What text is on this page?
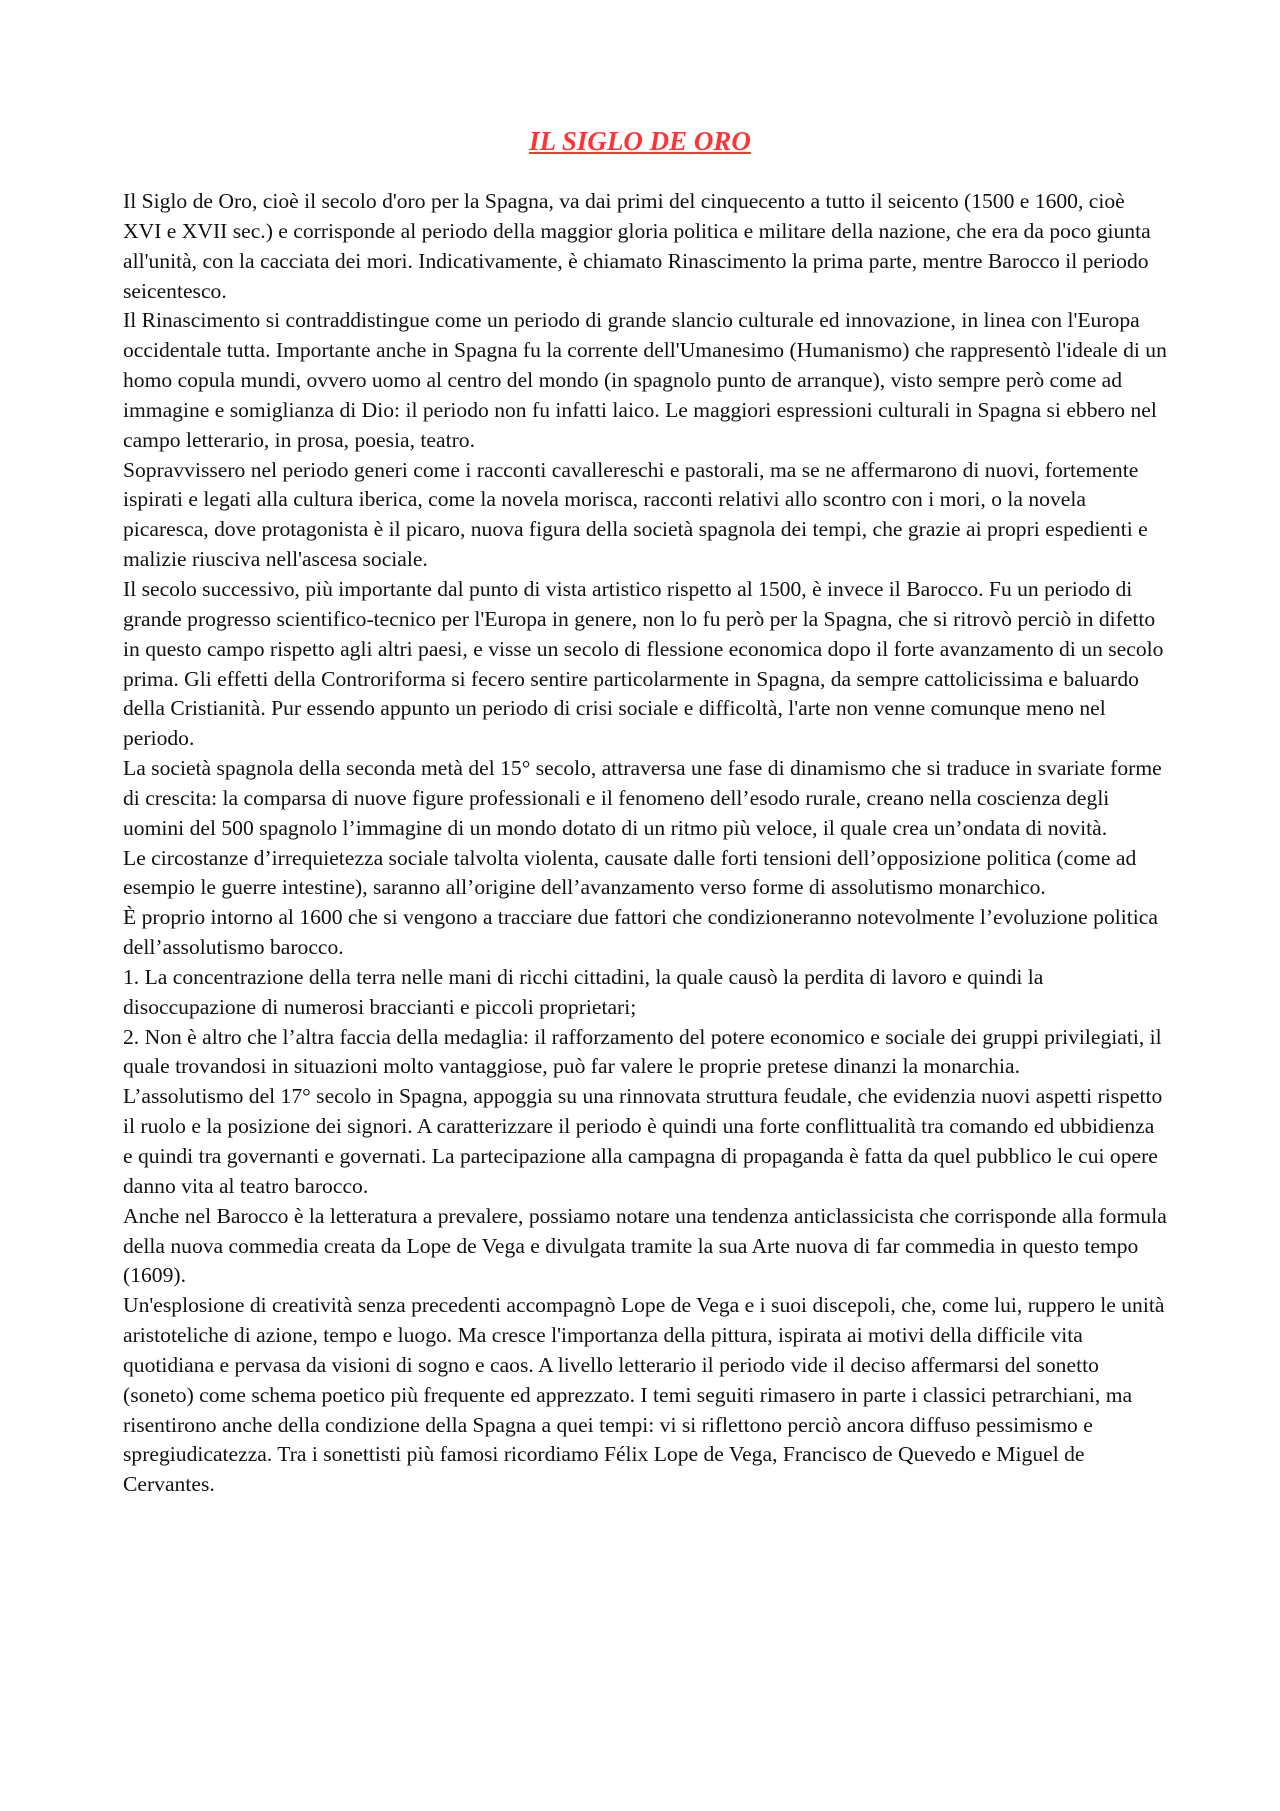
IL SIGLO DE ORO

Il Siglo de Oro, cioè il secolo d'oro per la Spagna, va dai primi del cinquecento a tutto il seicento (1500 e 1600, cioè XVI e XVII sec.) e corrisponde al periodo della maggior gloria politica e militare della nazione, che era da poco giunta all'unità, con la cacciata dei mori. Indicativamente, è chiamato Rinascimento la prima parte, mentre Barocco il periodo seicentesco.

Il Rinascimento si contraddistingue come un periodo di grande slancio culturale ed innovazione, in linea con l'Europa occidentale tutta. Importante anche in Spagna fu la corrente dell'Umanesimo (Humanismo) che rappresentò l'ideale di un homo copula mundi, ovvero uomo al centro del mondo (in spagnolo punto de arranque), visto sempre però come ad immagine e somiglianza di Dio: il periodo non fu infatti laico. Le maggiori espressioni culturali in Spagna si ebbero nel campo letterario, in prosa, poesia, teatro.

Sopravvissero nel periodo generi come i racconti cavallereschi e pastorali, ma se ne affermarono di nuovi, fortemente ispirati e legati alla cultura iberica, come la novela morisca, racconti relativi allo scontro con i mori, o la novela picaresca, dove protagonista è il picaro, nuova figura della società spagnola dei tempi, che grazie ai propri espedienti e malizie riusciva nell'ascesa sociale.

Il secolo successivo, più importante dal punto di vista artistico rispetto al 1500, è invece il Barocco. Fu un periodo di grande progresso scientifico-tecnico per l'Europa in genere, non lo fu però per la Spagna, che si ritrovò perciò in difetto in questo campo rispetto agli altri paesi, e visse un secolo di flessione economica dopo il forte avanzamento di un secolo prima. Gli effetti della Controriforma si fecero sentire particolarmente in Spagna, da sempre cattolicissima e baluardo della Cristianità. Pur essendo appunto un periodo di crisi sociale e difficoltà, l'arte non venne comunque meno nel periodo.

La società spagnola della seconda metà del 15° secolo, attraversa une fase di dinamismo che si traduce in svariate forme di crescita: la comparsa di nuove figure professionali e il fenomeno dell’esodo rurale, creano nella coscienza degli uomini del 500 spagnolo l’immagine di un mondo dotato di un ritmo più veloce, il quale crea un’ondata di novità.

Le circostanze d’irrequietezza sociale talvolta violenta, causate dalle forti tensioni dell’opposizione politica (come ad esempio le guerre intestine), saranno all’origine dell’avanzamento verso forme di assolutismo monarchico.

È proprio intorno al 1600 che si vengono a tracciare due fattori che condizioneranno notevolmente l’evoluzione politica dell’assolutismo barocco.

1. La concentrazione della terra nelle mani di ricchi cittadini, la quale causò la perdita di lavoro e quindi la disoccupazione di numerosi braccianti e piccoli proprietari;

2. Non è altro che l’altra faccia della medaglia: il rafforzamento del potere economico e sociale dei gruppi privilegiati, il quale trovandosi in situazioni molto vantaggiose, può far valere le proprie pretese dinanzi la monarchia.

L’assolutismo del 17° secolo in Spagna, appoggia su una rinnovata struttura feudale, che evidenzia nuovi aspetti rispetto il ruolo e la posizione dei signori. A caratterizzare il periodo è quindi una forte conflittualità tra comando ed ubbidienza e quindi tra governanti e governati. La partecipazione alla campagna di propaganda è fatta da quel pubblico le cui opere danno vita al teatro barocco.

Anche nel Barocco è la letteratura a prevalere, possiamo notare una tendenza anticlassicista che corrisponde alla formula della nuova commedia creata da Lope de Vega e divulgata tramite la sua Arte nuova di far commedia in questo tempo (1609).

Un'esplosione di creatività senza precedenti accompagnò Lope de Vega e i suoi discepoli, che, come lui, ruppero le unità aristoteliche di azione, tempo e luogo. Ma cresce l'importanza della pittura, ispirata ai motivi della difficile vita quotidiana e pervasa da visioni di sogno e caos. A livello letterario il periodo vide il deciso affermarsi del sonetto (soneto) come schema poetico più frequente ed apprezzato. I temi seguiti rimasero in parte i classici petrarchiani, ma risentirono anche della condizione della Spagna a quei tempi: vi si riflettono perciò ancora diffuso pessimismo e spregiudicatezza. Tra i sonettisti più famosi ricordiamo Félix Lope de Vega, Francisco de Quevedo e Miguel de Cervantes.
